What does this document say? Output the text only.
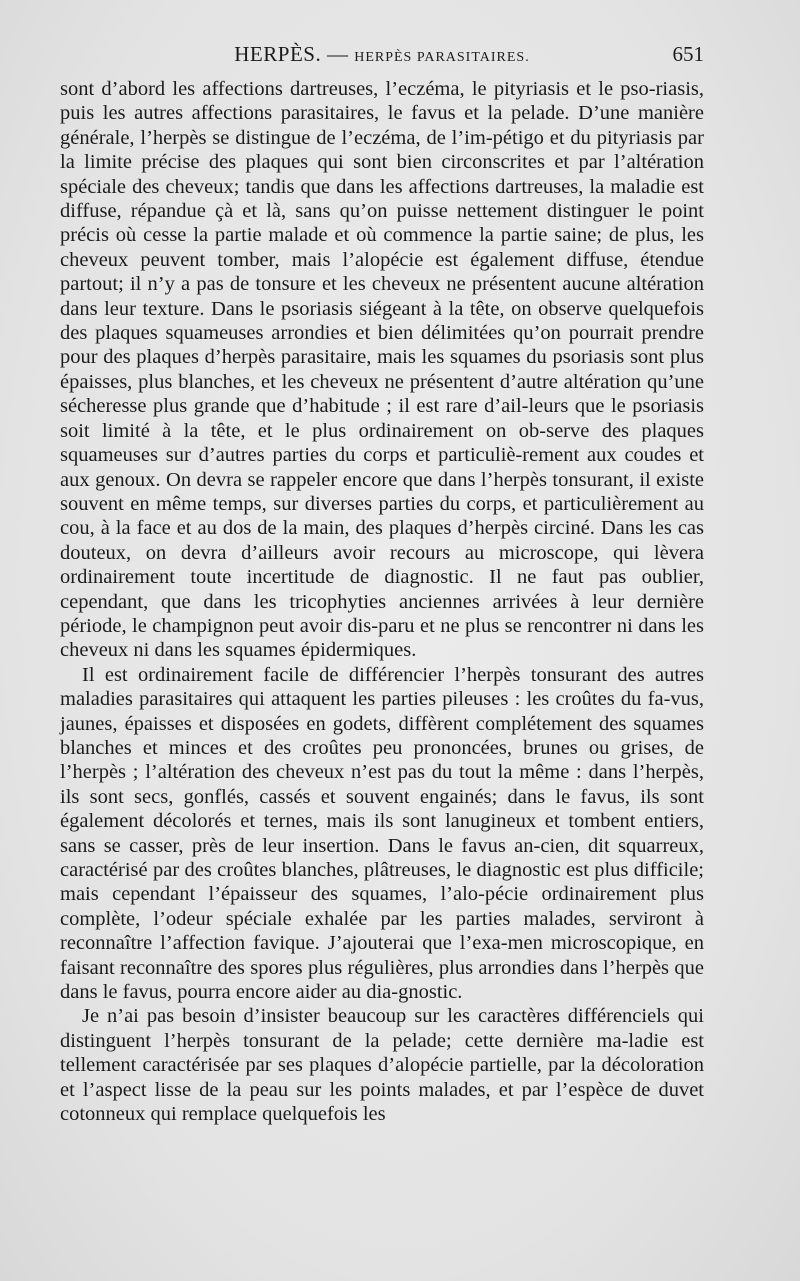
HERPÈS. — HERPÈS PARASITAIRES.	651

sont d’abord les affections dartreuses, l’eczéma, le pityriasis et le pso-riasis, puis les autres affections parasitaires, le favus et la pelade. D’une manière générale, l’herpès se distingue de l’eczéma, de l’im-pétigo et du pityriasis par la limite précise des plaques qui sont bien circonscrites et par l’altération spéciale des cheveux; tandis que dans les affections dartreuses, la maladie est diffuse, répandue çà et là, sans qu’on puisse nettement distinguer le point précis où cesse la partie malade et où commence la partie saine; de plus, les cheveux peuvent tomber, mais l’alopécie est également diffuse, étendue partout; il n’y a pas de tonsure et les cheveux ne présentent aucune altération dans leur texture. Dans le psoriasis siégeant à la tête, on observe quelquefois des plaques squameuses arrondies et bien délimitées qu’on pourrait prendre pour des plaques d’herpès parasitaire, mais les squames du psoriasis sont plus épaisses, plus blanches, et les cheveux ne présentent d’autre altération qu’une sécheresse plus grande que d’habitude ; il est rare d’ail-leurs que le psoriasis soit limité à la tête, et le plus ordinairement on ob-serve des plaques squameuses sur d’autres parties du corps et particuliè-rement aux coudes et aux genoux. On devra se rappeler encore que dans l’herpès tonsurant, il existe souvent en même temps, sur diverses parties du corps, et particulièrement au cou, à la face et au dos de la main, des plaques d’herpès circiné. Dans les cas douteux, on devra d’ailleurs avoir recours au microscope, qui lèvera ordinairement toute incertitude de diagnostic. Il ne faut pas oublier, cependant, que dans les tricophyties anciennes arrivées à leur dernière période, le champignon peut avoir dis-paru et ne plus se rencontrer ni dans les cheveux ni dans les squames épidermiques.

Il est ordinairement facile de différencier l’herpès tonsurant des autres maladies parasitaires qui attaquent les parties pileuses : les croûtes du fa-vus, jaunes, épaisses et disposées en godets, diffèrent complétement des squames blanches et minces et des croûtes peu prononcées, brunes ou grises, de l’herpès ; l’altération des cheveux n’est pas du tout la même : dans l’herpès, ils sont secs, gonflés, cassés et souvent engainés; dans le favus, ils sont également décolorés et ternes, mais ils sont lanugineux et tombent entiers, sans se casser, près de leur insertion. Dans le favus an-cien, dit squarreux, caractérisé par des croûtes blanches, plâtreuses, le diagnostic est plus difficile; mais cependant l’épaisseur des squames, l’alo-pécie ordinairement plus complète, l’odeur spéciale exhalée par les parties malades, serviront à reconnaître l’affection favique. J’ajouterai que l’exa-men microscopique, en faisant reconnaître des spores plus régulières, plus arrondies dans l’herpès que dans le favus, pourra encore aider au dia-gnostic.

Je n’ai pas besoin d’insister beaucoup sur les caractères différenciels qui distinguent l’herpès tonsurant de la pelade; cette dernière ma-ladie est tellement caractérisée par ses plaques d’alopécie partielle, par la décoloration et l’aspect lisse de la peau sur les points malades, et par l’espèce de duvet cotonneux qui remplace quelquefois les
